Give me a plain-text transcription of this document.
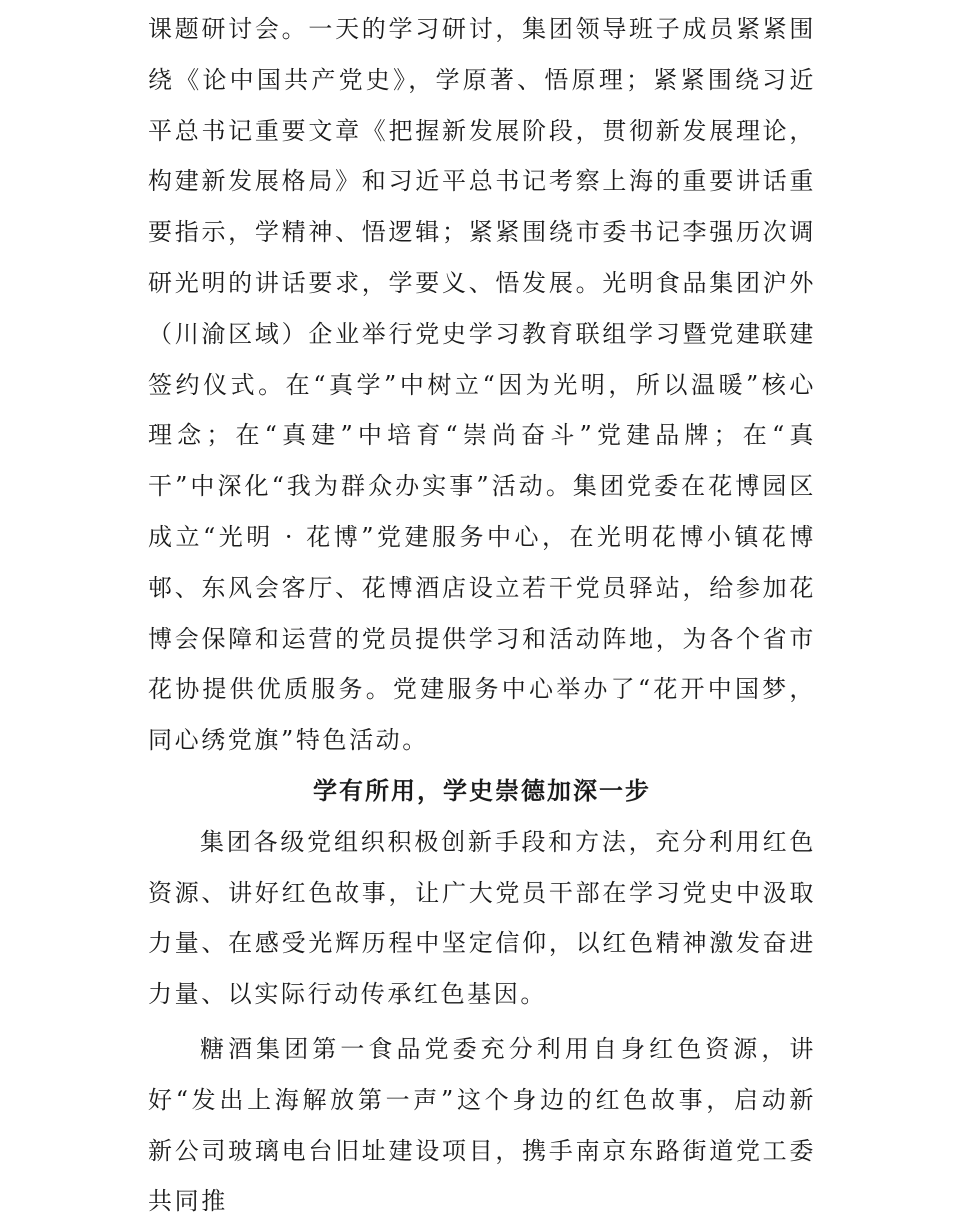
课题研讨会。一天的学习研讨，集团领导班子成员紧紧围绕《论中国共产党史》，学原著、悟原理；紧紧围绕习近平总书记重要文章《把握新发展阶段，贯彻新发展理论，构建新发展格局》和习近平总书记考察上海的重要讲话重要指示，学精神、悟逻辑；紧紧围绕市委书记李强历次调研光明的讲话要求，学要义、悟发展。光明食品集团沪外（川渝区域）企业举行党史学习教育联组学习暨党建联建签约仪式。在“真学”中树立“因为光明，所以温暖”核心理念；在“真建”中培育“崇尚奋斗”党建品牌；在“真干”中深化“我为群众办实事”活动。集团党委在花博园区成立“光明 · 花博”党建服务中心，在光明花博小镇花博邨、东风会客厅、花博酒店设立若干党员驿站，给参加花博会保障和运营的党员提供学习和活动阵地，为各个省市花协提供优质服务。党建服务中心举办了“花开中国梦，同心绣党旗”特色活动。

学有所用，学史崇德加深一步

集团各级党组织积极创新手段和方法，充分利用红色资源、讲好红色故事，让广大党员干部在学习党史中汲取力量、在感受光辉历程中坚定信仰，以红色精神激发奋进力量、以实际行动传承红色基因。

糖酒集团第一食品党委充分利用自身红色资源，讲好“发出上海解放第一声”这个身边的红色故事，启动新新公司玻璃电台旧址建设项目，携手南京东路街道党工委共同推
